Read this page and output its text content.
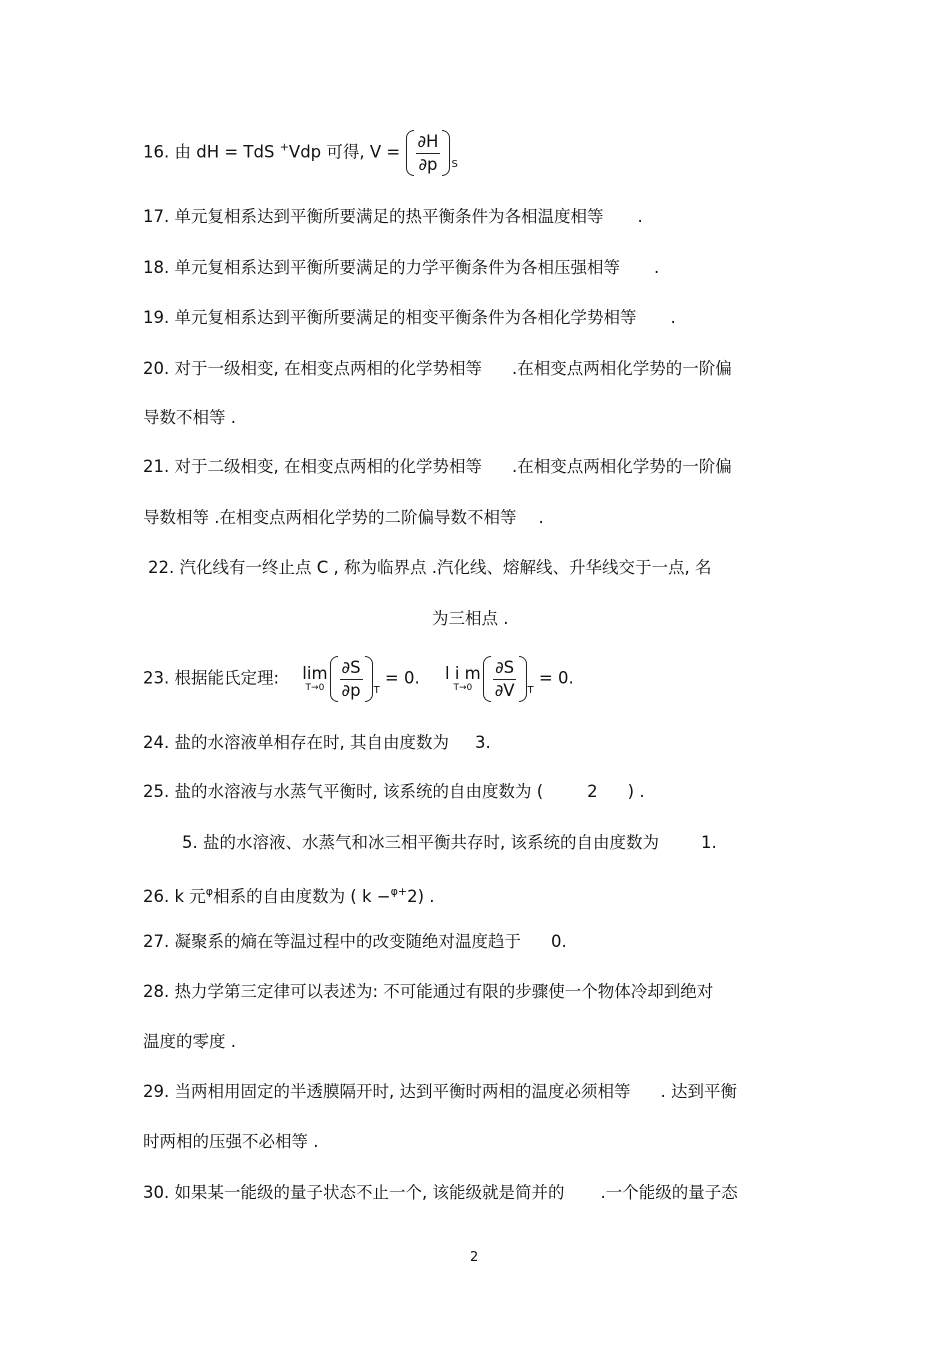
16. 由 dH = TdS +Vdp 可得, $V = \frac{\partial H}{\partial p}$ S
17. 单元复相系达到平衡所要满足的热平衡条件为各相温度相等 .
18. 单元复相系达到平衡所要满足的力学平衡条件为各相压强相等 .
19. 单元复相系达到平衡所要满足的相变平衡条件为各相化学势相等 .
20. 对于一级相变, 在相变点两相的化学势相等 .在相变点两相化学势的一阶偏
导数不相等 .
21. 对于二级相变, 在相变点两相的化学势相等 .在相变点两相化学势的一阶偏
导数相等 .在相变点两相化学势的二阶偏导数不相等 .
22. 汽化线有一终止点 C , 称为临界点 .汽化线、熔解线、升华线交于一点, 名
为三相点 .
23. 根据能氏定理: lim
$T\to 0 \frac{\partial S}{\partial p}$ T
= 0. l i m
$T\to 0 \frac{\partial S}{\partial V}$ T
= 0.
24. 盐的水溶液单相存在时, 其自由度数为 3.
25. 盐的水溶液与水蒸气平衡时, 该系统的自由度数为 (	2 ) .
5. 盐的水溶液、水蒸气和冰三相平衡共存时, 该系统的自由度数为	1.
26. k 元$^\varphi$相系的自由度数为 ( k −$^{\varphi+}$2) .
27. 凝聚系的熵在等温过程中的改变随绝对温度趋于 0.
28. 热力学第三定律可以表述为: 不可能通过有限的步骤使一个物体冷却到绝对
温度的零度 .
29. 当两相用固定的半透膜隔开时, 达到平衡时两相的温度必须相等 . 达到平衡
时两相的压强不必相等 .
30. 如果某一能级的量子状态不止一个, 该能级就是简并的 .一个能级的量子态
2
